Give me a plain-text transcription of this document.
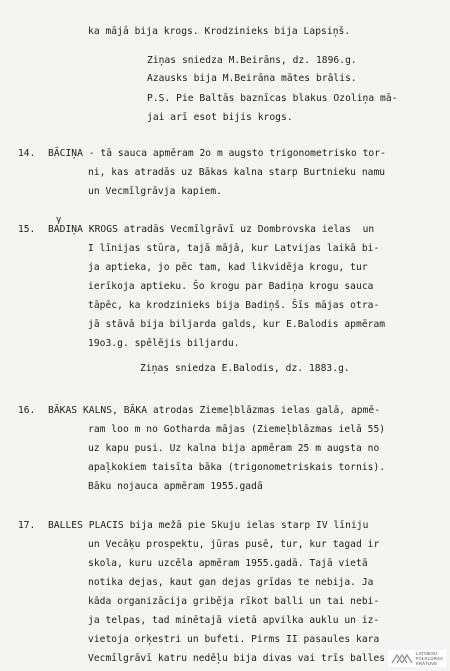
ka mājā bija krogs. Krodzinieks bija Lapsiņš.
Ziņas sniedza M.Beirāns, dz. 1896.g.
Azausks bija M.Beirāna mātes brālis.
P.S. Pie Baltās baznīcas blakus Ozoliņa mā-
jai arī esot bijis krogs.
14. BĀCIŅA - tā sauca apmēram 2o m augsto trigonometrisko tor-
ni, kas atradās uz Bākas kalna starp Burtnieku namu
un Vecmīlgrāvja kapiem.
γ
15. BADIŅA KROGS atradās Vecmīlgrāvī uz Dombrovska ielas  un
I līnijas stūra, tajā mājā, kur Latvijas laikā bi-
ja aptieka, jo pēc tam, kad likvidēja krogu, tur
ierīkoja aptieku. Šo krogu par Badiņa krogu sauca
tāpēc, ka krodzinieks bija Badiņš. Šīs mājas otra-
jā stāvā bija biljarda galds, kur E.Balodis apmēram
19o3.g. spēlējis biljardu.
Ziņas sniedza E.Balodis, dz. 1883.g.
16. BĀKAS KALNS, BĀKA atrodas Ziemeļblāzmas ielas galā, apmē-
ram loo m no Gotharda mājas (Ziemeļblāzmas ielā 55)
uz kapu pusi. Uz kalna bija apmēram 25 m augsta no
apaļkokiem taisīta bāka (trigonometriskais tornis).
Bāku nojauca apmēram 1955.gadā
17. BALLES PLACIS bija mežā pie Skuju ielas starp IV līniju
un Vecāķu prospektu, jūras pusē, tur, kur tagad ir
skola, kuru uzcēla apmēram 1955.gadā. Tajā vietā
notika dejas, kaut gan dejas grīdas te nebija. Ja
kāda organizācija gribēja rīkot balli un tai nebi-
ja telpas, tad minētajā vietā apvilka auklu un iz-
vietoja orķestri un bufeti. Pirms II pasaules kara
Vecmīlgrāvī katru nedēļu bija divas vai trīs balles	LATVIESU
FOLKLORAS
KRĀTUVE
